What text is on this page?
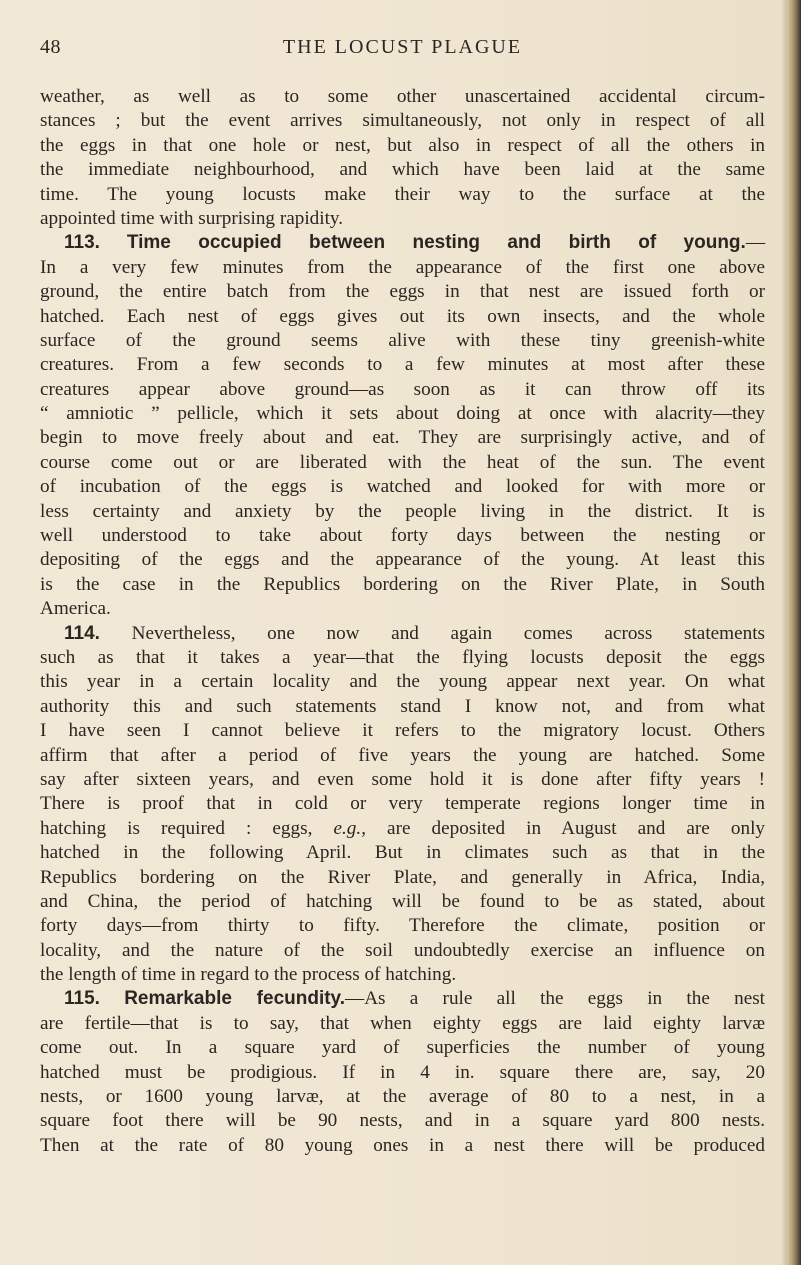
48	THE LOCUST PLAGUE
weather, as well as to some other unascertained accidental circum-
stances ; but the event arrives simultaneously, not only in respect of all
the eggs in that one hole or nest, but also in respect of all the others in
the immediate neighbourhood, and which have been laid at the same
time. The young locusts make their way to the surface at the
appointed time with surprising rapidity.
113. Time occupied between nesting and birth of young.—
In a very few minutes from the appearance of the first one above
ground, the entire batch from the eggs in that nest are issued forth or
hatched. Each nest of eggs gives out its own insects, and the whole
surface of the ground seems alive with these tiny greenish-white
creatures. From a few seconds to a few minutes at most after these
creatures appear above ground—as soon as it can throw off its
“ amniotic ” pellicle, which it sets about doing at once with alacrity—they
begin to move freely about and eat. They are surprisingly active, and of
course come out or are liberated with the heat of the sun. The event
of incubation of the eggs is watched and looked for with more or
less certainty and anxiety by the people living in the district. It is
well understood to take about forty days between the nesting or
depositing of the eggs and the appearance of the young. At least this
is the case in the Republics bordering on the River Plate, in South
America.
114. Nevertheless, one now and again comes across statements
such as that it takes a year—that the flying locusts deposit the eggs
this year in a certain locality and the young appear next year. On what
authority this and such statements stand I know not, and from what
I have seen I cannot believe it refers to the migratory locust. Others
affirm that after a period of five years the young are hatched. Some
say after sixteen years, and even some hold it is done after fifty years !
There is proof that in cold or very temperate regions longer time in
hatching is required : eggs, e.g., are deposited in August and are only
hatched in the following April. But in climates such as that in the
Republics bordering on the River Plate, and generally in Africa, India,
and China, the period of hatching will be found to be as stated, about
forty days—from thirty to fifty. Therefore the climate, position or
locality, and the nature of the soil undoubtedly exercise an influence on
the length of time in regard to the process of hatching.
115. Remarkable fecundity.—As a rule all the eggs in the nest
are fertile—that is to say, that when eighty eggs are laid eighty larvæ
come out. In a square yard of superficies the number of young
hatched must be prodigious. If in 4 in. square there are, say, 20
nests, or 1600 young larvæ, at the average of 80 to a nest, in a
square foot there will be 90 nests, and in a square yard 800 nests.
Then at the rate of 80 young ones in a nest there will be produced
